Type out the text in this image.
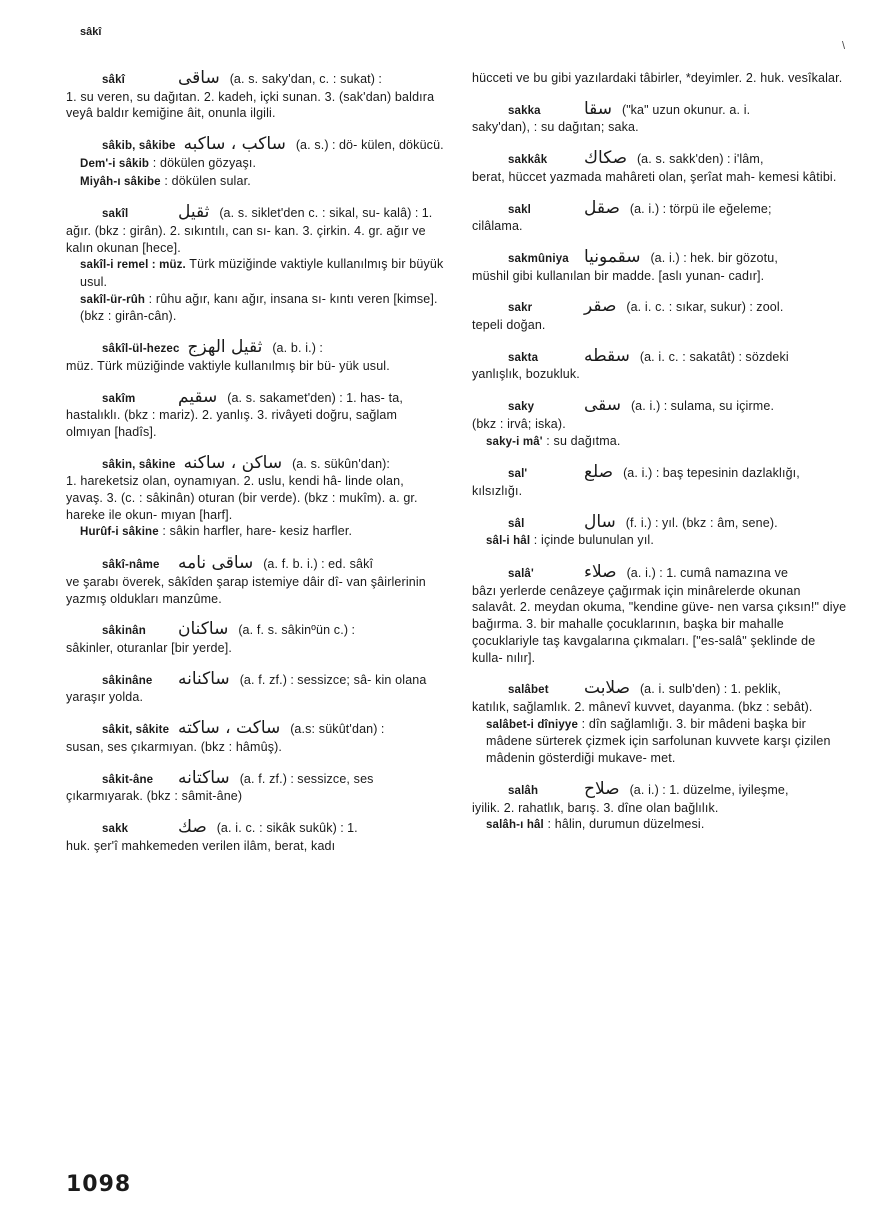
sâkî
\
sâkî	ساقى (a. s. saky'dan, c. : sukat) :
1. su veren, su dağıtan. 2. kadeh, içki sunan. 3. (sak'dan) baldıra veyâ baldır kemiğine âit, onunla ilgili.
sâkib, sâkibe ساكب ، ساكبه (a. s.) : dö- külen, dökücü.
Dem'-i sâkib : dökülen gözyaşı.
Miyâh-ı sâkibe : dökülen sular.
sakîl	ثقيل (a. s. siklet'den c. : sikal, su- kalâ) : 1. ağır. (bkz : girân). 2. sıkıntılı, can sı- kan. 3. çirkin. 4. gr. ağır ve kalın okunan [hece].
sakîl-i remel : müz. Türk müziğinde vaktiyle kullanılmış bir büyük usul.
sakîl-ür-rûh : rûhu ağır, kanı ağır, insana sı- kıntı veren [kimse]. (bkz : girân-cân).
sâkîl-ül-hezec ثقيل الهزج (a. b. i.) :
müz. Türk müziğinde vaktiyle kullanılmış bir bü- yük usul.
sakîm	سقيم (a. s. sakamet'den) : 1. has- ta, hastalıklı. (bkz : mariz). 2. yanlış. 3. rivâyeti doğru, sağlam olmıyan [hadîs].
sâkin, sâkine ساكن ، ساكنه (a. s. sükûn'dan):
1. hareketsiz olan, oynamıyan. 2. uslu, kendi hâ- linde olan, yavaş. 3. (c. : sâkinân) oturan (bir verde). (bkz : mukîm). a. gr. hareke ile okun- mıyan [harf].
Hurûf-i sâkine : sâkin harfler, hare- kesiz harfler.
sâkî-nâme ساقى نامه (a. f. b. i.) : ed. sâkî
ve şarabı överek, sâkîden şarap istemiye dâir dî- van şâirlerinin yazmış oldukları manzûme.
sâkinân ساكنان (a. f. s. sâkinºün c.) :
sâkinler, oturanlar [bir yerde].
sâkinâne ساكنانه (a. f. zf.) : sessizce; sâ- kin olana yaraşır yolda.
sâkit, sâkite ساكت ، ساكته (a.s: sükût'dan) :
susan, ses çıkarmıyan. (bkz : hâmûş).
sâkit-âne ساكتانه (a. f. zf.) : sessizce, ses
çıkarmıyarak. (bkz : sâmit-âne)
sakk	صك (a. i. c. : sikâk sukûk) : 1.
huk. şer'î mahkemeden verilen ilâm, berat, kadı
hücceti ve bu gibi yazılardaki tâbirler, *deyimler. 2. huk. vesîkalar.
sakka	سقا ("ka" uzun okunur. a. i.
saky'dan), : su dağıtan; saka.
sakkâk صكاك (a. s. sakk'den) : i'lâm,
berat, hüccet yazmada mahâreti olan, şerîat mah- kemesi kâtibi.
sakl	صقل (a. i.) : törpü ile eğeleme;
cilâlama.
sakmûniya سقمونيا (a. i.) : hek. bir gözotu,
müshil gibi kullanılan bir madde. [aslı yunan- cadır].
sakr	صقر (a. i. c. : sıkar, sukur) : zool.
tepeli doğan.
sakta	سقطه (a. i. c. : sakatât) : sözdeki
yanlışlık, bozukluk.
saky	سقى (a. i.) : sulama, su içirme.
(bkz : irvâ; iska).
saky-i mâ' : su dağıtma.
sal'	صلع (a. i.) : baş tepesinin dazlaklığı,
kılsızlığı.
sâl	سال (f. i.) : yıl. (bkz : âm, sene).
sâl-i hâl : içinde bulunulan yıl.
salâ'	صلاء (a. i.) : 1. cumâ namazına ve
bâzı yerlerde cenâzeye çağırmak için minârelerde okunan salavât. 2. meydan okuma, "kendine güve- nen varsa çıksın!" diye bağırma. 3. bir mahalle çocuklarının, başka bir mahalle çocuklariyle taş kavgalarına çıkmaları. ["es-salâ" şeklinde de kulla- nılır].
salâbet صلابت (a. i. sulb'den) : 1. peklik,
katılık, sağlamlık. 2. mânevî kuvvet, dayanma. (bkz : sebât).
salâbet-i dîniyye : dîn sağlamlığı. 3. bir mâdeni başka bir mâdene sürterek çizmek için sarfolunan kuvvete karşı çizilen mâdenin gösterdiği mukave- met.
salâh	صلاح (a. i.) : 1. düzelme, iyileşme,
iyilik. 2. rahatlık, barış. 3. dîne olan bağlılık.
salâh-ı hâl : hâlin, durumun düzelmesi.
1098
